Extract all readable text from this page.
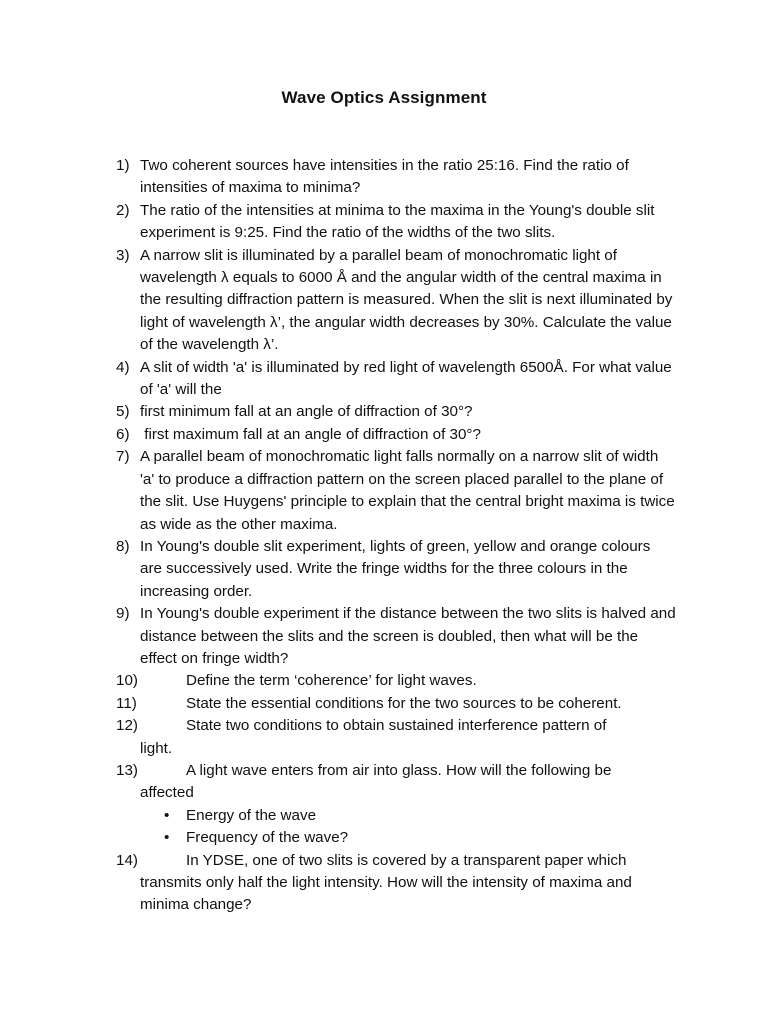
Wave Optics Assignment
1) Two coherent sources have intensities in the ratio 25:16. Find the ratio of intensities of maxima to minima?
2) The ratio of the intensities at minima to the maxima in the Young's double slit experiment is 9:25. Find the ratio of the widths of the two slits.
3) A narrow slit is illuminated by a parallel beam of monochromatic light of wavelength λ equals to 6000 Å and the angular width of the central maxima in the resulting diffraction pattern is measured. When the slit is next illuminated by light of wavelength λ’, the angular width decreases by 30%. Calculate the value of the wavelength λ’.
4) A slit of width 'a' is illuminated by red light of wavelength 6500Å. For what value of 'a' will the
5) first minimum fall at an angle of diffraction of 30°?
6) first maximum fall at an angle of diffraction of 30°?
7) A parallel beam of monochromatic light falls normally on a narrow slit of width 'a' to produce a diffraction pattern on the screen placed parallel to the plane of the slit. Use Huygens' principle to explain that the central bright maxima is twice as wide as the other maxima.
8) In Young's double slit experiment, lights of green, yellow and orange colours are successively used. Write the fringe widths for the three colours in the increasing order.
9) In Young's double experiment if the distance between the two slits is halved and distance between the slits and the screen is doubled, then what will be the effect on fringe width?
10)	Define the term ‘coherence’ for light waves.
11)	State the essential conditions for the two sources to be coherent.
12)	State two conditions to obtain sustained interference pattern of
light.
13)	A light wave enters from air into glass. How will the following be
affected
• Energy of the wave
• Frequency of the wave?
14)	In YDSE, one of two slits is covered by a transparent paper which
transmits only half the light intensity. How will the intensity of maxima and minima change?
